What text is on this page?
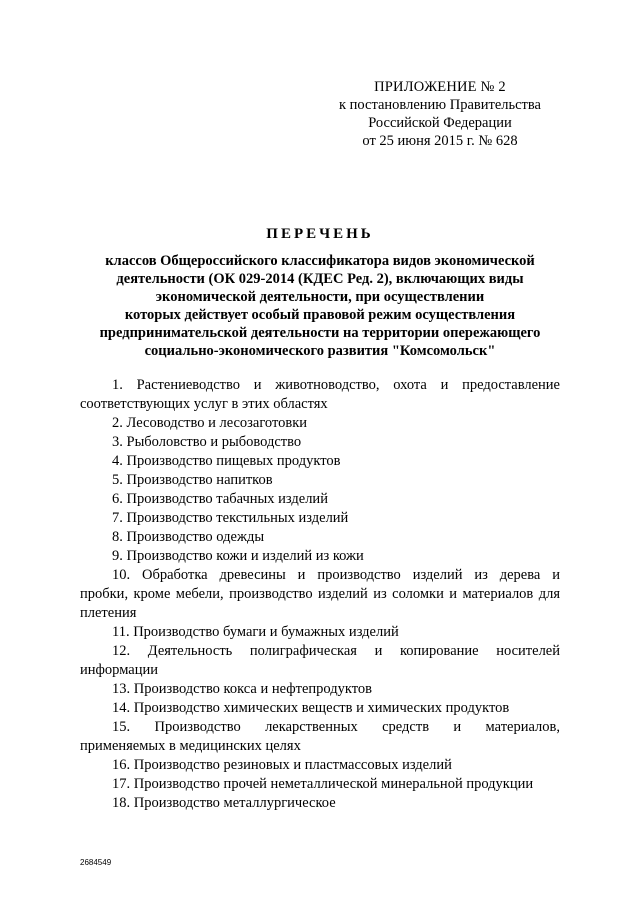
ПРИЛОЖЕНИЕ № 2
к постановлению Правительства
Российской Федерации
от 25 июня 2015 г. № 628
ПЕРЕЧЕНЬ
классов Общероссийского классификатора видов экономической
деятельности (ОК 029-2014 (КДЕС Ред. 2), включающих виды
экономической деятельности, при осуществлении
которых действует особый правовой режим осуществления
предпринимательской деятельности на территории опережающего
социально-экономического развития "Комсомольск"
1. Растениеводство и животноводство, охота и предоставление
соответствующих услуг в этих областях
2. Лесоводство и лесозаготовки
3. Рыболовство и рыбоводство
4. Производство пищевых продуктов
5. Производство напитков
6. Производство табачных изделий
7. Производство текстильных изделий
8. Производство одежды
9. Производство кожи и изделий из кожи
10. Обработка древесины и производство изделий из дерева и
пробки, кроме мебели, производство изделий из соломки и материалов для
плетения
11. Производство бумаги и бумажных изделий
12. Деятельность полиграфическая и копирование носителей
информации
13. Производство кокса и нефтепродуктов
14. Производство химических веществ и химических продуктов
15. Производство лекарственных средств и материалов,
применяемых в медицинских целях
16. Производство резиновых и пластмассовых изделий
17. Производство прочей неметаллической минеральной продукции
18. Производство металлургическое
2684549
